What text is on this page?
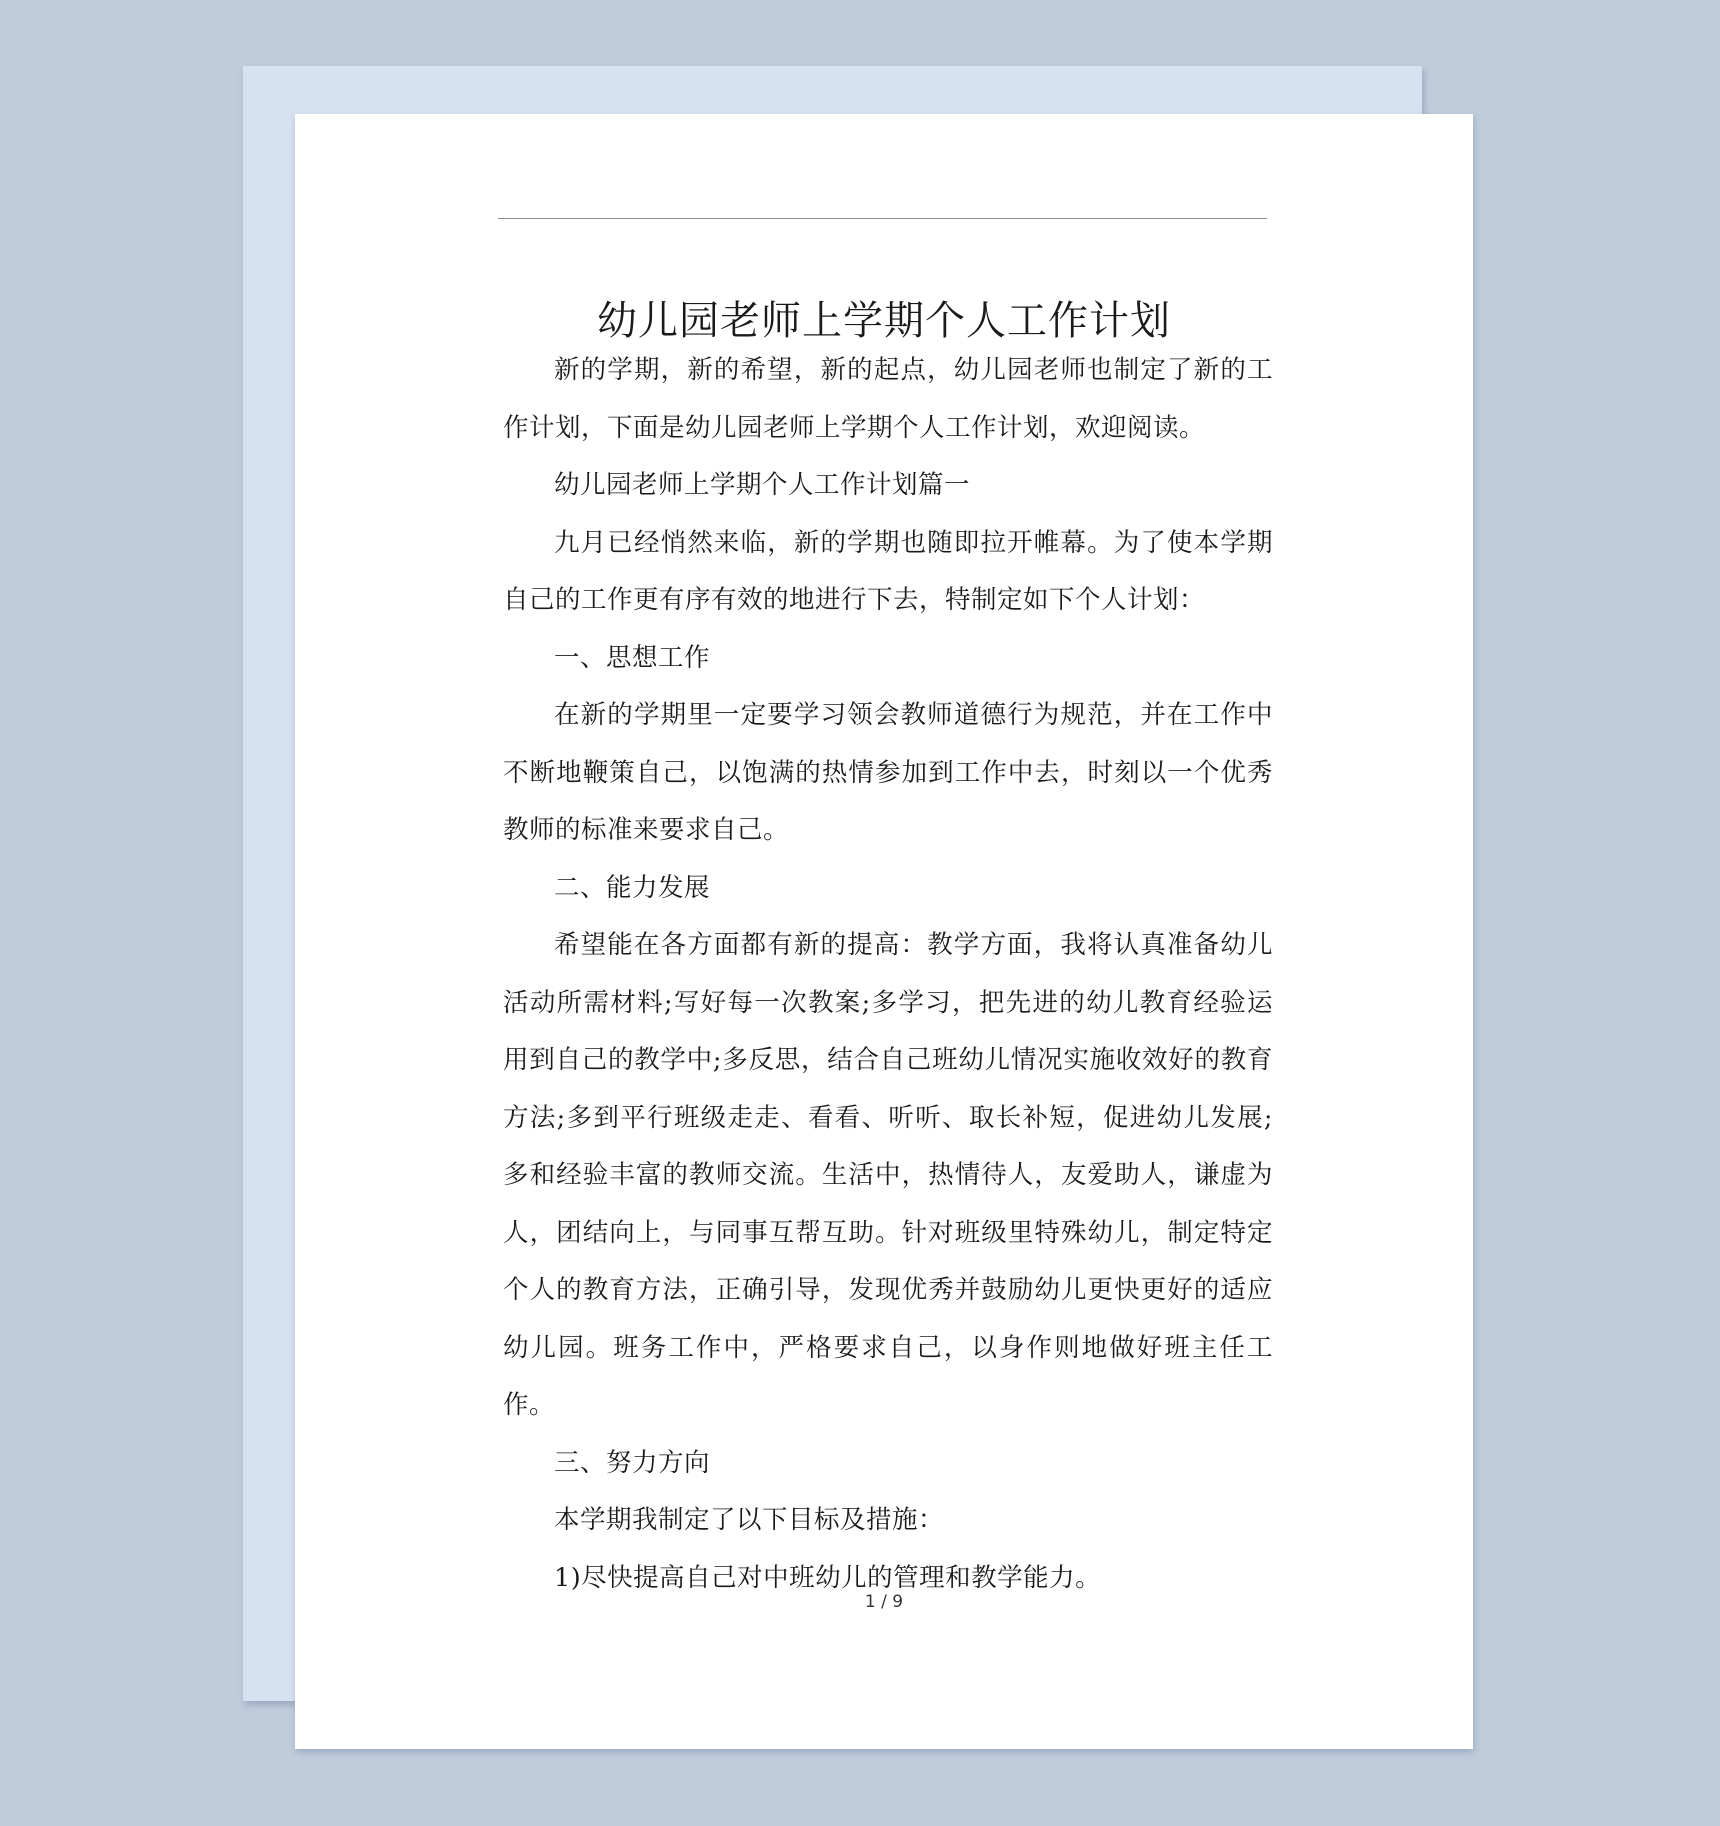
幼儿园老师上学期个人工作计划

新的学期，新的希望，新的起点，幼儿园老师也制定了新的工作计划，下面是幼儿园老师上学期个人工作计划，欢迎阅读。

幼儿园老师上学期个人工作计划篇一

九月已经悄然来临，新的学期也随即拉开帷幕。为了使本学期自己的工作更有序有效的地进行下去，特制定如下个人计划：

一、思想工作

在新的学期里一定要学习领会教师道德行为规范，并在工作中不断地鞭策自己，以饱满的热情参加到工作中去，时刻以一个优秀教师的标准来要求自己。

二、能力发展

希望能在各方面都有新的提高：教学方面，我将认真准备幼儿活动所需材料;写好每一次教案;多学习，把先进的幼儿教育经验运用到自己的教学中;多反思，结合自己班幼儿情况实施收效好的教育方法;多到平行班级走走、看看、听听、取长补短，促进幼儿发展;多和经验丰富的教师交流。生活中，热情待人，友爱助人，谦虚为人，团结向上，与同事互帮互助。针对班级里特殊幼儿，制定特定个人的教育方法，正确引导，发现优秀并鼓励幼儿更快更好的适应幼儿园。班务工作中，严格要求自己，以身作则地做好班主任工作。

三、努力方向

本学期我制定了以下目标及措施：

1)尽快提高自己对中班幼儿的管理和教学能力。

1 / 9
